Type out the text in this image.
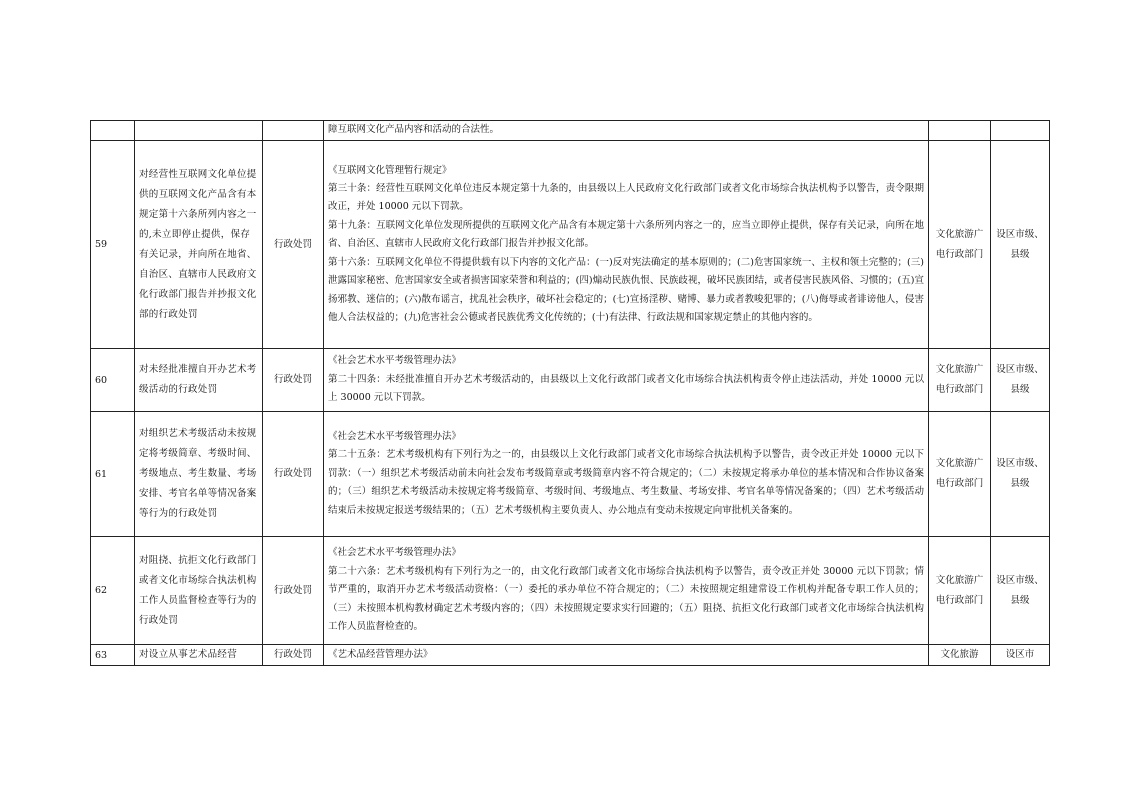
			障互联网文化产品内容和活动的合法性。		

59	对经营性互联网文化单位提供的互联网文化产品含有本规定第十六条所列内容之一的,未立即停止提供，保存有关记录，并向所在地省、自治区、直辖市人民政府文化行政部门报告并抄报文化部的行政处罚	行政处罚	《互联网文化管理暂行规定》
第三十条：经营性互联网文化单位违反本规定第十九条的，由县级以上人民政府文化行政部门或者文化市场综合执法机构予以警告，责令限期改正，并处 10000 元以下罚款。
第十九条：互联网文化单位发现所提供的互联网文化产品含有本规定第十六条所列内容之一的，应当立即停止提供，保存有关记录，向所在地省、自治区、直辖市人民政府文化行政部门报告并抄报文化部。
第十六条：互联网文化单位不得提供载有以下内容的文化产品：(一)反对宪法确定的基本原则的；(二)危害国家统一、主权和领土完整的；(三)泄露国家秘密、危害国家安全或者损害国家荣誉和利益的；(四)煽动民族仇恨、民族歧视，破坏民族团结，或者侵害民族风俗、习惯的；(五)宣扬邪教、迷信的；(六)散布谣言，扰乱社会秩序，破坏社会稳定的；(七)宣扬淫秽、赌博、暴力或者教唆犯罪的；(八)侮辱或者诽谤他人，侵害他人合法权益的；(九)危害社会公德或者民族优秀文化传统的；(十)有法律、行政法规和国家规定禁止的其他内容的。	文化旅游广电行政部门	设区市级、县级
60	对未经批准擅自开办艺术考级活动的行政处罚	行政处罚	《社会艺术水平考级管理办法》
第二十四条：未经批准擅自开办艺术考级活动的，由县级以上文化行政部门或者文化市场综合执法机构责令停止违法活动，并处 10000 元以上 30000 元以下罚款。	文化旅游广电行政部门	设区市级、县级
61	对组织艺术考级活动未按规定将考级简章、考级时间、考级地点、考生数量、考场安排、考官名单等情况备案等行为的行政处罚	行政处罚	《社会艺术水平考级管理办法》
第二十五条：艺术考级机构有下列行为之一的，由县级以上文化行政部门或者文化市场综合执法机构予以警告，责令改正并处 10000 元以下罚款：（一）组织艺术考级活动前未向社会发布考级简章或考级简章内容不符合规定的；（二）未按规定将承办单位的基本情况和合作协议备案的；（三）组织艺术考级活动未按规定将考级简章、考级时间、考级地点、考生数量、考场安排、考官名单等情况备案的；（四）艺术考级活动结束后未按规定报送考级结果的；（五）艺术考级机构主要负责人、办公地点有变动未按规定向审批机关备案的。	文化旅游广电行政部门	设区市级、县级
62	对阻挠、抗拒文化行政部门或者文化市场综合执法机构工作人员监督检查等行为的行政处罚	行政处罚	《社会艺术水平考级管理办法》
第二十六条：艺术考级机构有下列行为之一的，由文化行政部门或者文化市场综合执法机构予以警告，责令改正并处 30000 元以下罚款；情节严重的，取消开办艺术考级活动资格：（一）委托的承办单位不符合规定的；（二）未按照规定组建常设工作机构并配备专职工作人员的；（三）未按照本机构教材确定艺术考级内容的；（四）未按照规定要求实行回避的；（五）阻挠、抗拒文化行政部门或者文化市场综合执法机构工作人员监督检查的。	文化旅游广电行政部门	设区市级、县级
63	对设立从事艺术品经营	行政处罚	《艺术品经营管理办法》	文化旅游	设区市
